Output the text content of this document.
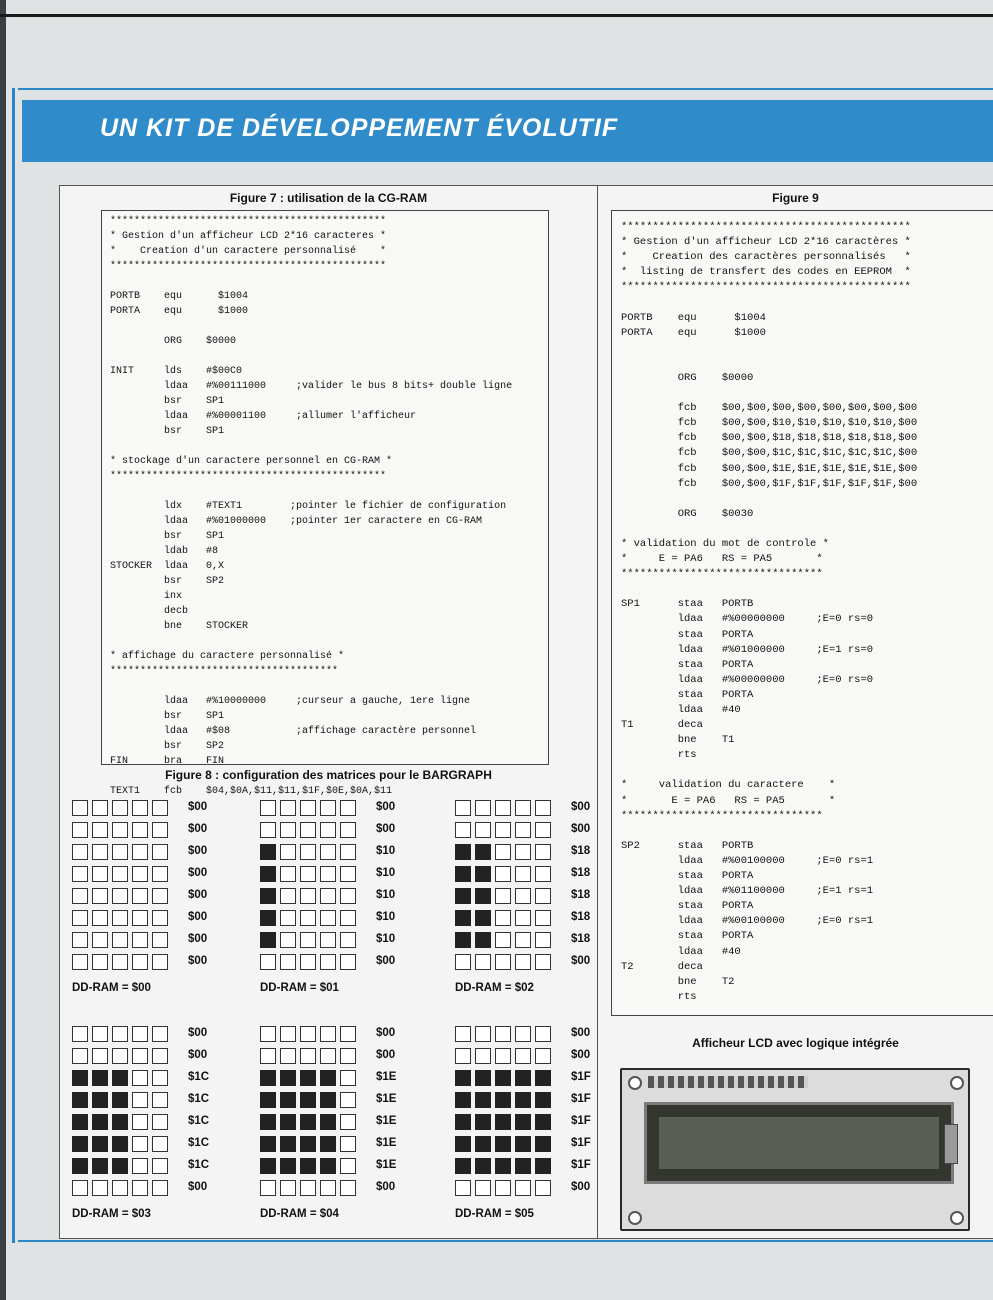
UN KIT DE DÉVELOPPEMENT ÉVOLUTIF
Figure 7 : utilisation de la CG-RAM
**********************************************
* Gestion d'un afficheur LCD 2*16 caracteres *
*    Creation d'un caractere personnalisé    *
**********************************************

PORTB    equ      $1004
PORTA    equ      $1000

ORG    $0000

INIT     lds    #$00C0
ldaa   #%00111000     ;valider le bus 8 bits+ double ligne
bsr    SP1
ldaa   #%00001100     ;allumer l'afficheur
bsr    SP1

* stockage d'un caractere personnel en CG-RAM *
**********************************************

ldx    #TEXT1        ;pointer le fichier de configuration
ldaa   #%01000000    ;pointer 1er caractere en CG-RAM
bsr    SP1
ldab   #8
STOCKER  ldaa   0,X
bsr    SP2
inx
decb
bne    STOCKER

* affichage du caractere personnalisé *
**************************************

ldaa   #%10000000     ;curseur a gauche, 1ere ligne
bsr    SP1
ldaa   #$08           ;affichage caractère personnel
bsr    SP2
FIN      bra    FIN

TEXT1    fcb    $04,$0A,$11,$11,$1F,$0E,$0A,$11
Figure 8 : configuration des matrices pour le BARGRAPH
$00
$00
$00
$00
$00
$00
$00
$00
DD-RAM = $00
$00
$00
$10
$10
$10
$10
$10
$00
DD-RAM = $01
$00
$00
$18
$18
$18
$18
$18
$00
DD-RAM = $02
$00
$00
$1C
$1C
$1C
$1C
$1C
$00
DD-RAM = $03
$00
$00
$1E
$1E
$1E
$1E
$1E
$00
DD-RAM = $04
$00
$00
$1F
$1F
$1F
$1F
$1F
$00
DD-RAM = $05
Figure 9
**********************************************
* Gestion d'un afficheur LCD 2*16 caractères *
*    Creation des caractères personnalisés   *
*  listing de transfert des codes en EEPROM  *
**********************************************

PORTB    equ      $1004
PORTA    equ      $1000

ORG    $0000

fcb    $00,$00,$00,$00,$00,$00,$00,$00
fcb    $00,$00,$10,$10,$10,$10,$10,$00
fcb    $00,$00,$18,$18,$18,$18,$18,$00
fcb    $00,$00,$1C,$1C,$1C,$1C,$1C,$00
fcb    $00,$00,$1E,$1E,$1E,$1E,$1E,$00
fcb    $00,$00,$1F,$1F,$1F,$1F,$1F,$00

ORG    $0030

* validation du mot de controle *
*     E = PA6   RS = PA5       *
********************************

SP1      staa   PORTB
ldaa   #%00000000     ;E=0 rs=0
staa   PORTA
ldaa   #%01000000     ;E=1 rs=0
staa   PORTA
ldaa   #%00000000     ;E=0 rs=0
staa   PORTA
ldaa   #40
T1       deca
bne    T1
rts

*     validation du caractere    *
*       E = PA6   RS = PA5       *
********************************

SP2      staa   PORTB
ldaa   #%00100000     ;E=0 rs=1
staa   PORTA
ldaa   #%01100000     ;E=1 rs=1
staa   PORTA
ldaa   #%00100000     ;E=0 rs=1
staa   PORTA
ldaa   #40
T2       deca
bne    T2
rts
Afficheur LCD avec logique intégrée
